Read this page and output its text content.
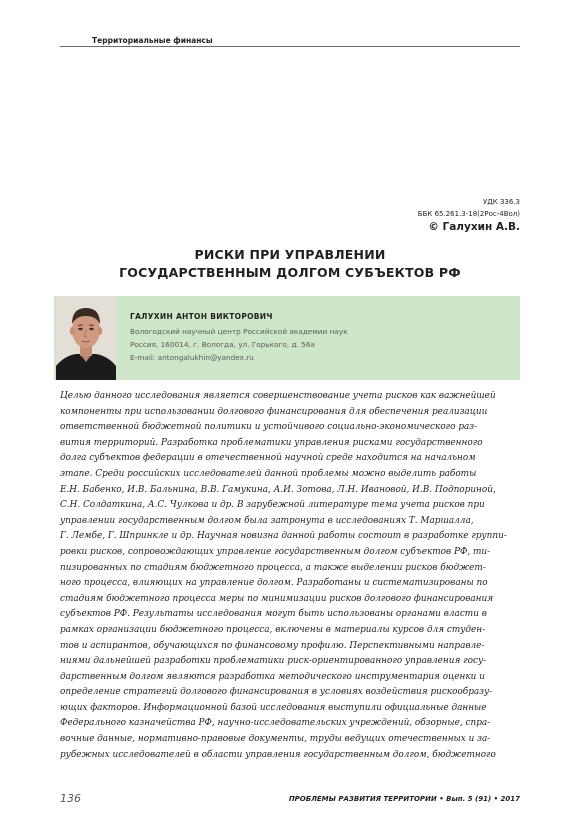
Территориальные финансы
УДК 336.3
ББК 65.261.3-18(2Рос-4Вол)
© Галухин А.В.
РИСКИ ПРИ УПРАВЛЕНИИ
ГОСУДАРСТВЕННЫМ ДОЛГОМ СУБЪЕКТОВ РФ
ГАЛУХИН АНТОН ВИКТОРОВИЧ
Вологодский научный центр Российской академии наук
Россия, 160014, г. Вологда, ул. Горького, д. 56а
E-mail: antongalukhin@yandex.ru
Целью данного исследования является совершенствование учета рисков как важнейшей
компоненты при использовании долгового финансирования для обеспечения реализации
ответственной бюджетной политики и устойчивого социально-экономического раз-
вития территорий. Разработка проблематики управления рисками государственного
долга субъектов федерации в отечественной научной среде находится на начальном
этапе. Среди российских исследователей данной проблемы можно выделить работы
Е.Н. Бабенко, И.В. Бальнина, В.В. Гамукина, А.И. Зотова, Л.Н. Ивановой, И.В. Подпориной,
С.Н. Солдаткина, А.С. Чулкова и др. В зарубежной литературе тема учета рисков при
управлении государственным долгом была затронута в исследованиях Т. Маршалла,
Г. Лембе, Г. Шпринкле и др. Научная новизна данной работы состоит в разработке группи-
ровки рисков, сопровождающих управление государственным долгом субъектов РФ, ти-
пизированных по стадиям бюджетного процесса, а также выделении рисков бюджет-
ного процесса, влияющих на управление долгом. Разработаны и систематизированы по
стадиям бюджетного процесса меры по минимизации рисков долгового финансирования
субъектов РФ. Результаты исследования могут быть использованы органами власти в
рамках организации бюджетного процесса, включены в материалы курсов для студен-
тов и аспирантов, обучающихся по финансовому профилю. Перспективными направле-
ниями дальнейшей разработки проблематики риск-ориентированного управления госу-
дарственным долгом являются разработка методического инструментария оценки и
определение стратегий долгового финансирования в условиях воздействия рискообразу-
ющих факторов. Информационной базой исследования выступили официальные данные
Федерального казначейства РФ, научно-исследовательских учреждений, обзорные, спра-
вочные данные, нормативно-правовые документы, труды ведущих отечественных и за-
рубежных исследователей в области управления государственным долгом, бюджетного
136	ПРОБЛЕМЫ РАЗВИТИЯ ТЕРРИТОРИИ • Вып. 5 (91) • 2017
